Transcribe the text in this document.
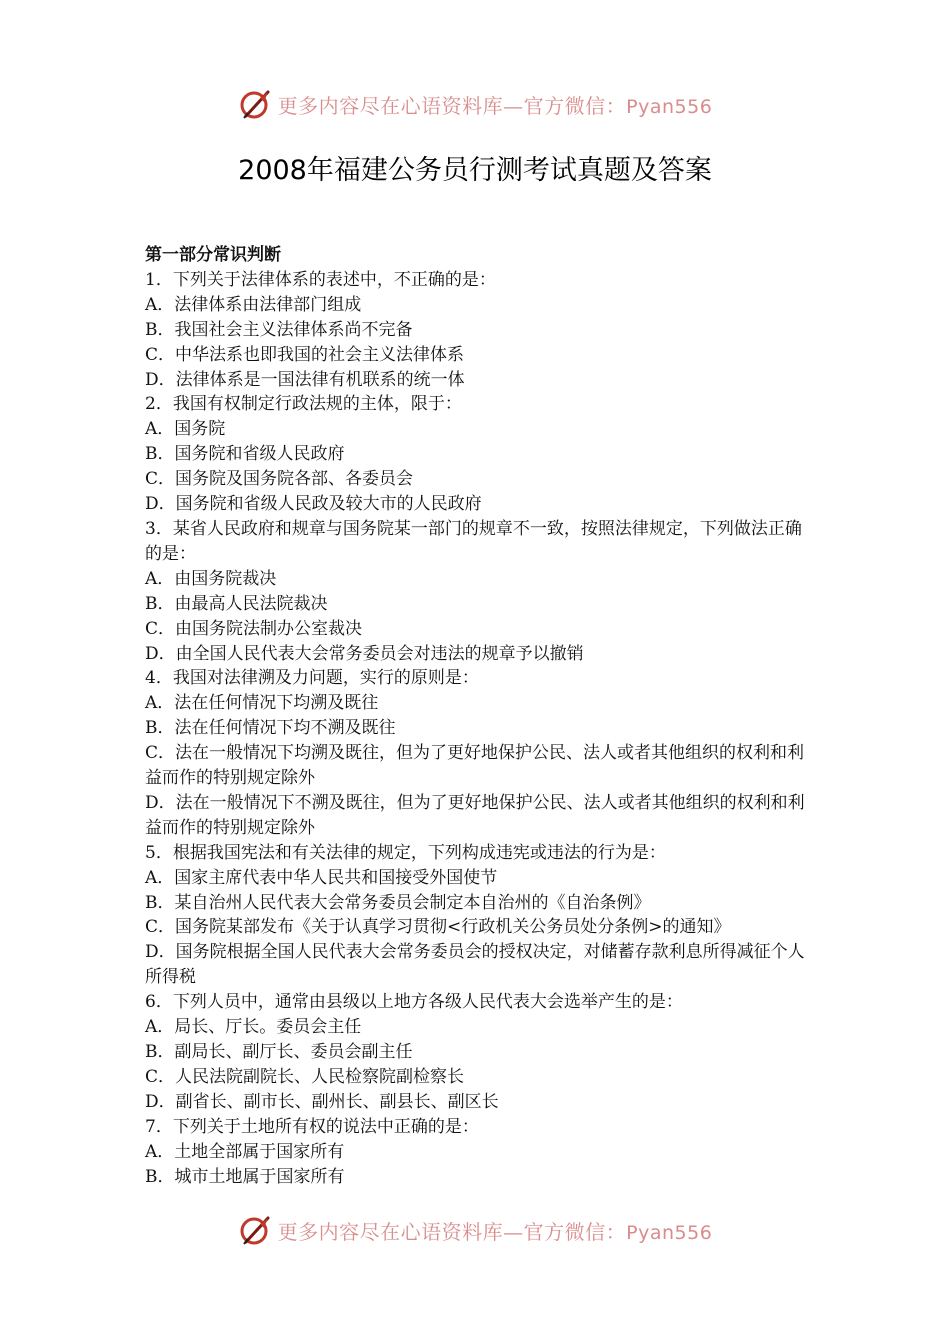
更多内容尽在心语资料库—官方微信：Pyan556
2008年福建公务员行测考试真题及答案
第一部分常识判断
1．下列关于法律体系的表述中，不正确的是：
A．法律体系由法律部门组成
B．我国社会主义法律体系尚不完备
C．中华法系也即我国的社会主义法律体系
D．法律体系是一国法律有机联系的统一体
2．我国有权制定行政法规的主体，限于：
A．国务院
B．国务院和省级人民政府
C．国务院及国务院各部、各委员会
D．国务院和省级人民政及较大市的人民政府
3．某省人民政府和规章与国务院某一部门的规章不一致，按照法律规定，下列做法正确的是：
A．由国务院裁决
B．由最高人民法院裁决
C．由国务院法制办公室裁决
D．由全国人民代表大会常务委员会对违法的规章予以撤销
4．我国对法律溯及力问题，实行的原则是：
A．法在任何情况下均溯及既往
B．法在任何情况下均不溯及既往
C．法在一般情况下均溯及既往，但为了更好地保护公民、法人或者其他组织的权利和利益而作的特别规定除外
D．法在一般情况下不溯及既往，但为了更好地保护公民、法人或者其他组织的权利和利益而作的特别规定除外
5．根据我国宪法和有关法律的规定，下列构成违宪或违法的行为是：
A．国家主席代表中华人民共和国接受外国使节
B．某自治州人民代表大会常务委员会制定本自治州的《自治条例》
C．国务院某部发布《关于认真学习贯彻<行政机关公务员处分条例>的通知》
D．国务院根据全国人民代表大会常务委员会的授权决定，对储蓄存款利息所得减征个人所得税
6．下列人员中，通常由县级以上地方各级人民代表大会选举产生的是：
A．局长、厅长。委员会主任
B．副局长、副厅长、委员会副主任
C．人民法院副院长、人民检察院副检察长
D．副省长、副市长、副州长、副县长、副区长
7．下列关于土地所有权的说法中正确的是：
A．土地全部属于国家所有
B．城市土地属于国家所有
更多内容尽在心语资料库—官方微信：Pyan556
